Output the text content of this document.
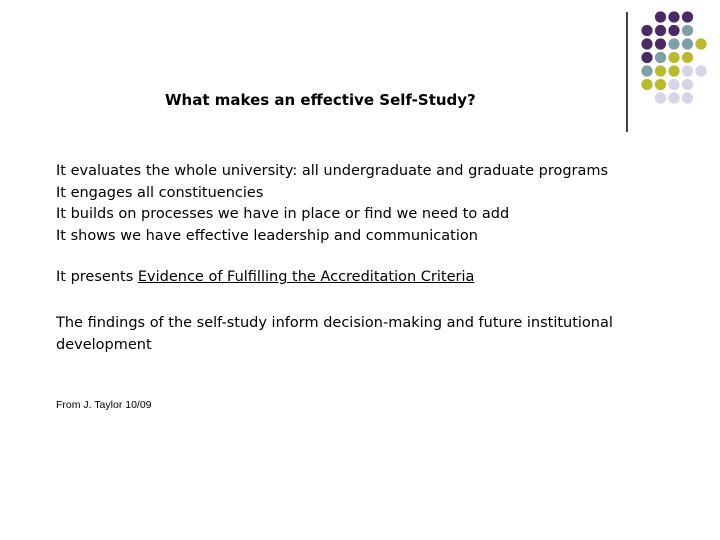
What makes an effective Self-Study?
It evaluates the whole university: all undergraduate and graduate programs
It engages all constituencies
It builds on processes we have in place or find we need to add
It shows we have effective leadership and communication
It presents Evidence of Fulfilling the Accreditation Criteria
The findings of the self-study inform decision-making and future institutional development
From J. Taylor 10/09
